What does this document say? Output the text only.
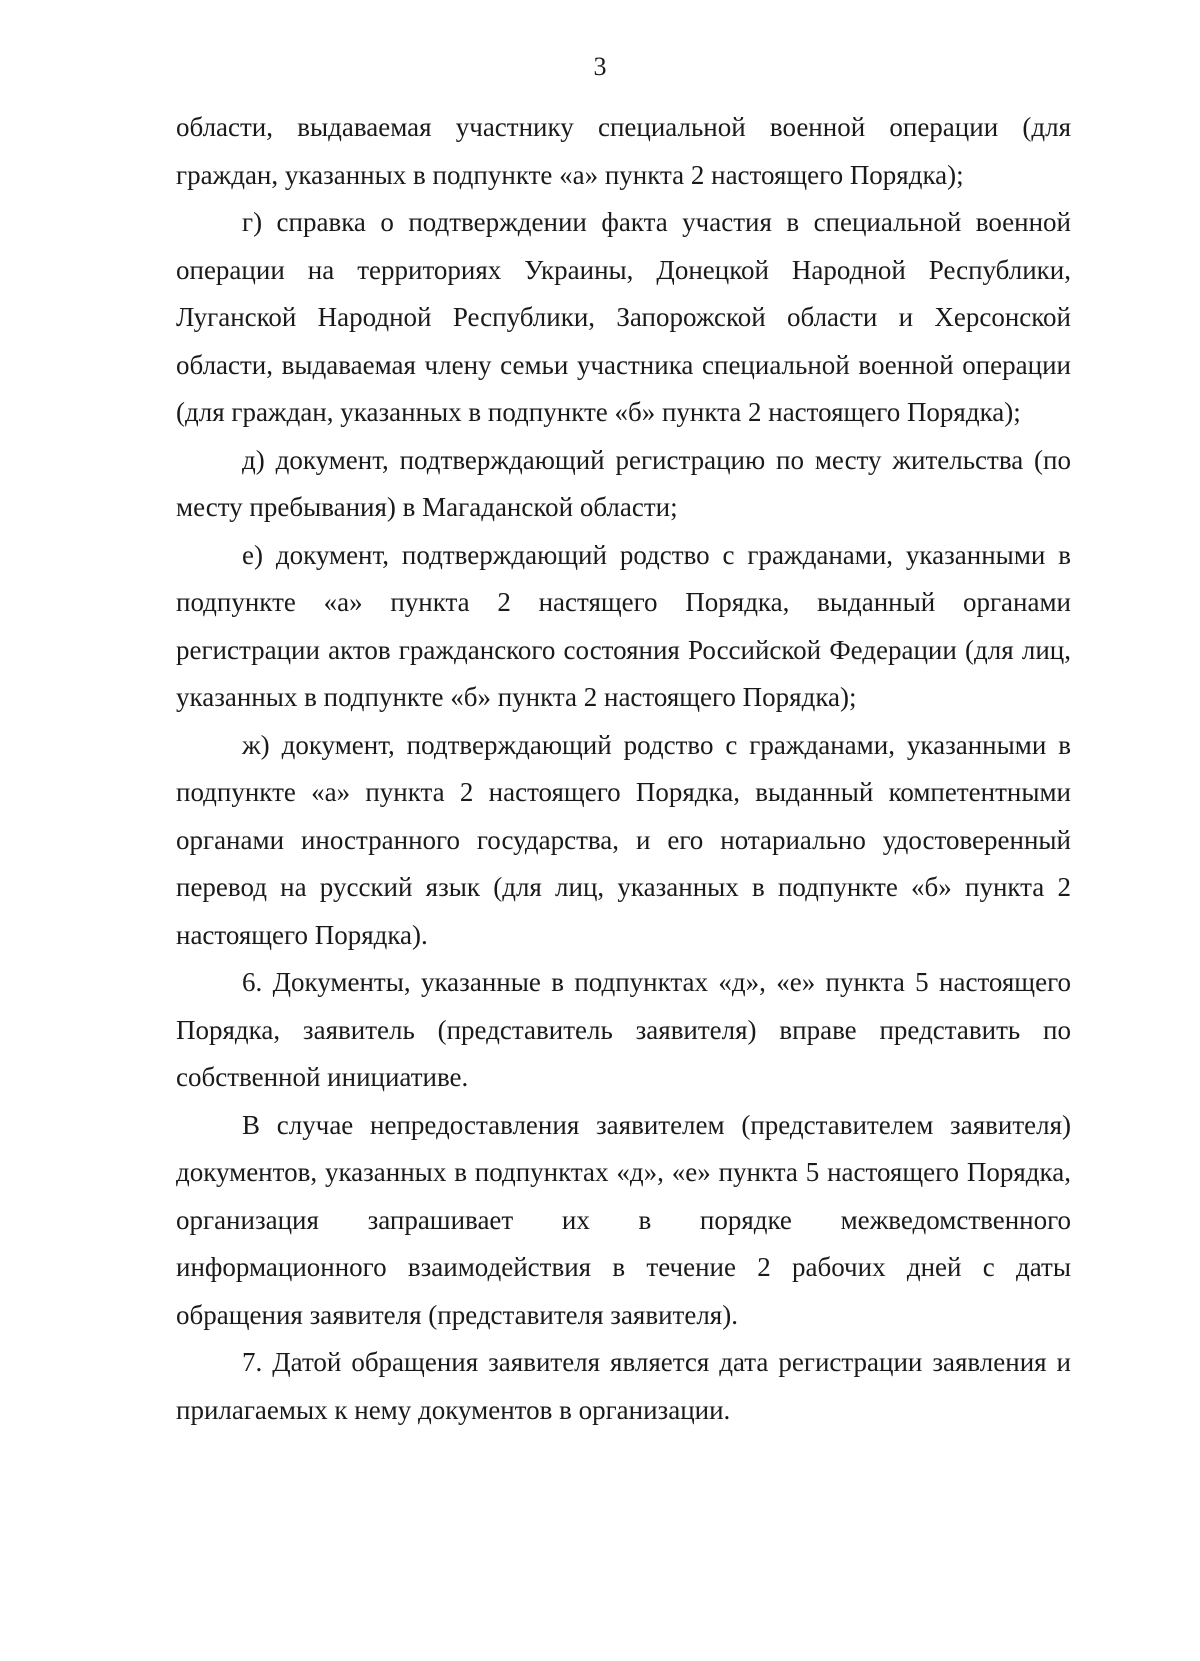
3

области, выдаваемая участнику специальной военной операции (для граждан, указанных в подпункте «а» пункта 2 настоящего Порядка);

г) справка о подтверждении факта участия в специальной военной операции на территориях Украины, Донецкой Народной Республики, Луганской Народной Республики, Запорожской области и Херсонской области, выдаваемая члену семьи участника специальной военной операции (для граждан, указанных в подпункте «б» пункта 2 настоящего Порядка);

д) документ, подтверждающий регистрацию по месту жительства (по месту пребывания) в Магаданской области;

е) документ, подтверждающий родство с гражданами, указанными в подпункте «а» пункта 2 настящего Порядка, выданный органами регистрации актов гражданского состояния Российской Федерации (для лиц, указанных в подпункте «б» пункта 2 настоящего Порядка);

ж) документ, подтверждающий родство с гражданами, указанными в подпункте «а» пункта 2 настоящего Порядка, выданный компетентными органами иностранного государства, и его нотариально удостоверенный перевод на русский язык (для лиц, указанных в подпункте «б» пункта 2 настоящего Порядка).

6. Документы, указанные в подпунктах «д», «е» пункта 5 настоящего Порядка, заявитель (представитель заявителя) вправе представить по собственной инициативе.

В случае непредоставления заявителем (представителем заявителя) документов, указанных в подпунктах «д», «е» пункта 5 настоящего Порядка, организация запрашивает их в порядке межведомственного информационного взаимодействия в течение 2 рабочих дней с даты обращения заявителя (представителя заявителя).

7. Датой обращения заявителя является дата регистрации заявления и прилагаемых к нему документов в организации.
